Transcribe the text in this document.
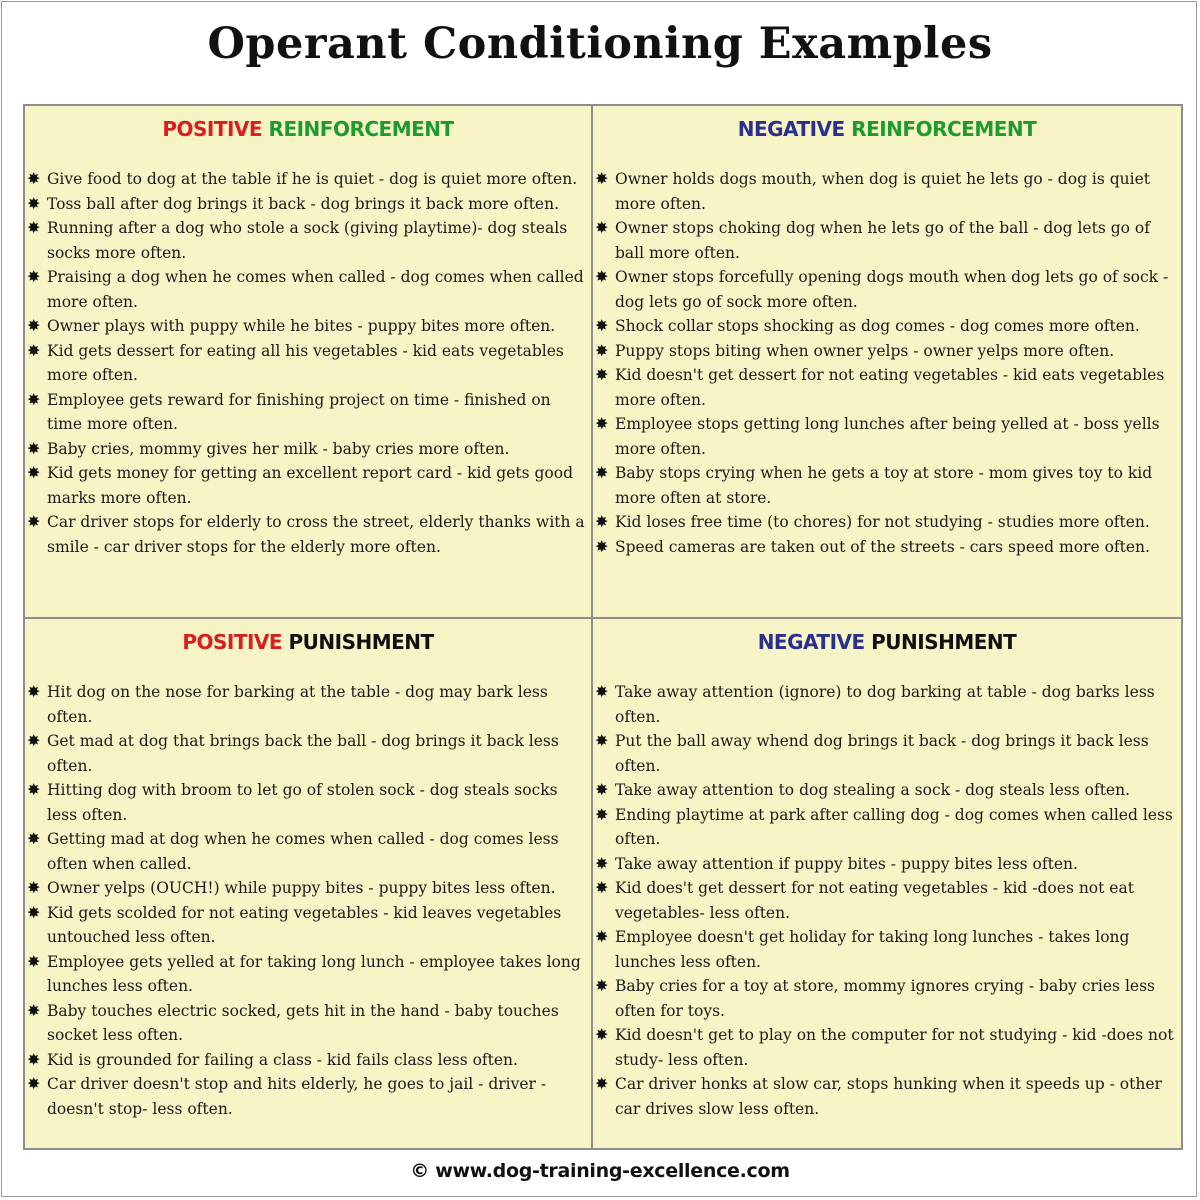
Operant Conditioning Examples
POSITIVE REINFORCEMENT
✸ Give food to dog at the table if he is quiet - dog is quiet more often.
✸ Toss ball after dog brings it back - dog brings it back more often.
✸ Running after a dog who stole a sock (giving playtime)- dog steals socks more often.
✸ Praising a dog when he comes when called - dog comes when called more often.
✸ Owner plays with puppy while he bites - puppy bites more often.
✸ Kid gets dessert for eating all his vegetables - kid eats vegetables more often.
✸ Employee gets reward for finishing project on time - finished on time more often.
✸ Baby cries, mommy gives her milk - baby cries more often.
✸ Kid gets money for getting an excellent report card - kid gets good marks more often.
✸ Car driver stops for elderly to cross the street, elderly thanks with a smile - car driver stops for the elderly more often.
NEGATIVE REINFORCEMENT
✸ Owner holds dogs mouth, when dog is quiet he lets go - dog is quiet more often.
✸ Owner stops choking dog when he lets go of the ball - dog lets go of ball more often.
✸ Owner stops forcefully opening dogs mouth when dog lets go of sock - dog lets go of sock more often.
✸ Shock collar stops shocking as dog comes - dog comes more often.
✸ Puppy stops biting when owner yelps - owner yelps more often.
✸ Kid doesn't get dessert for not eating vegetables - kid eats vegetables more often.
✸ Employee stops getting long lunches after being yelled at - boss yells more often.
✸ Baby stops crying when he gets a toy at store - mom gives toy to kid more often at store.
✸ Kid loses free time (to chores) for not studying - studies more often.
✸ Speed cameras are taken out of the streets - cars speed more often.
POSITIVE PUNISHMENT
✸ Hit dog on the nose for barking at the table - dog may bark less often.
✸ Get mad at dog that brings back the ball - dog brings it back less often.
✸ Hitting dog with broom to let go of stolen sock - dog steals socks less often.
✸ Getting mad at dog when he comes when called - dog comes less often when called.
✸ Owner yelps (OUCH!) while puppy bites - puppy bites less often.
✸ Kid gets scolded for not eating vegetables - kid leaves vegetables untouched less often.
✸ Employee gets yelled at for taking long lunch - employee takes long lunches less often.
✸ Baby touches electric socked, gets hit in the hand - baby touches socket less often.
✸ Kid is grounded for failing a class - kid fails class less often.
✸ Car driver doesn't stop and hits elderly, he goes to jail - driver -doesn't stop- less often.
NEGATIVE PUNISHMENT
✸ Take away attention (ignore) to dog barking at table - dog barks less often.
✸ Put the ball away whend dog brings it back - dog brings it back less often.
✸ Take away attention to dog stealing a sock - dog steals less often.
✸ Ending playtime at park after calling dog - dog comes when called less often.
✸ Take away attention if puppy bites - puppy bites less often.
✸ Kid does't get dessert for not eating vegetables - kid -does not eat vegetables- less often.
✸ Employee doesn't get holiday for taking long lunches - takes long lunches less often.
✸ Baby cries for a toy at store, mommy ignores crying - baby cries less often for toys.
✸ Kid doesn't get to play on the computer for not studying - kid -does not study- less often.
✸ Car driver honks at slow car, stops hunking when it speeds up - other car drives slow less often.
© www.dog-training-excellence.com
